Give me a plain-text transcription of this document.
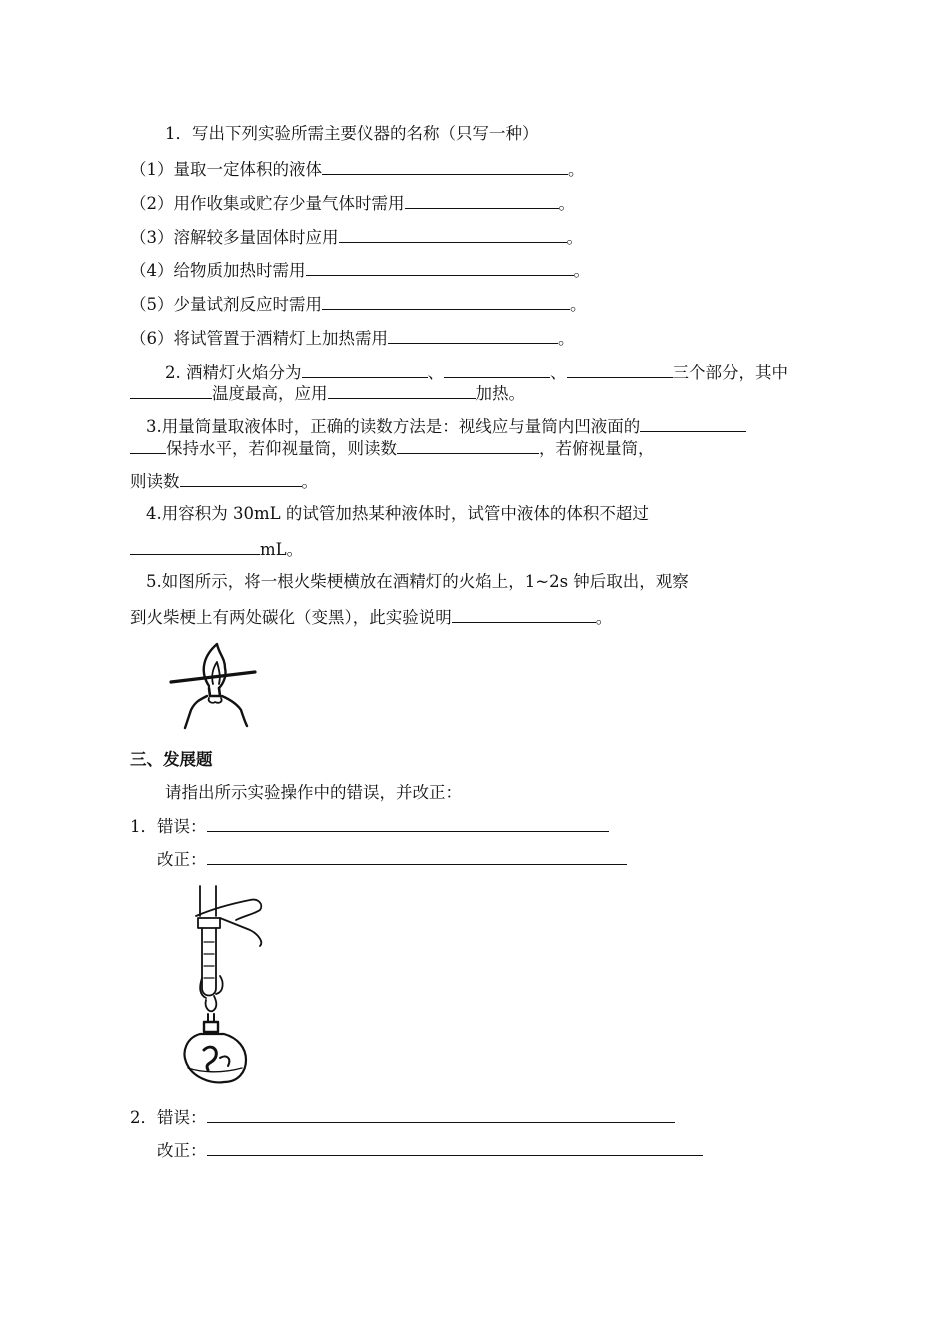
1．写出下列实验所需主要仪器的名称（只写一种）
（1）量取一定体积的液体	。
（2）用作收集或贮存少量气体时需用	。
（3）溶解较多量固体时应用	。
（4）给物质加热时需用	。
（5）少量试剂反应时需用	。
（6）将试管置于酒精灯上加热需用	。
2. 酒精灯火焰分为	、	、	三个部分，其中
温度最高，应用	加热。
3.用量筒量取液体时，正确的读数方法是：视线应与量筒内凹液面的
保持水平，若仰视量筒，则读数	，若俯视量筒，
则读数	。
4.用容积为 30mL 的试管加热某种液体时，试管中液体的体积不超过
mL。
5.如图所示，将一根火柴梗横放在酒精灯的火焰上，1~2s 钟后取出，观察
到火柴梗上有两处碳化（变黑），此实验说明	。
三、发展题
请指出所示实验操作中的错误，并改正：
1．错误：
改正：
2．错误：
改正：
